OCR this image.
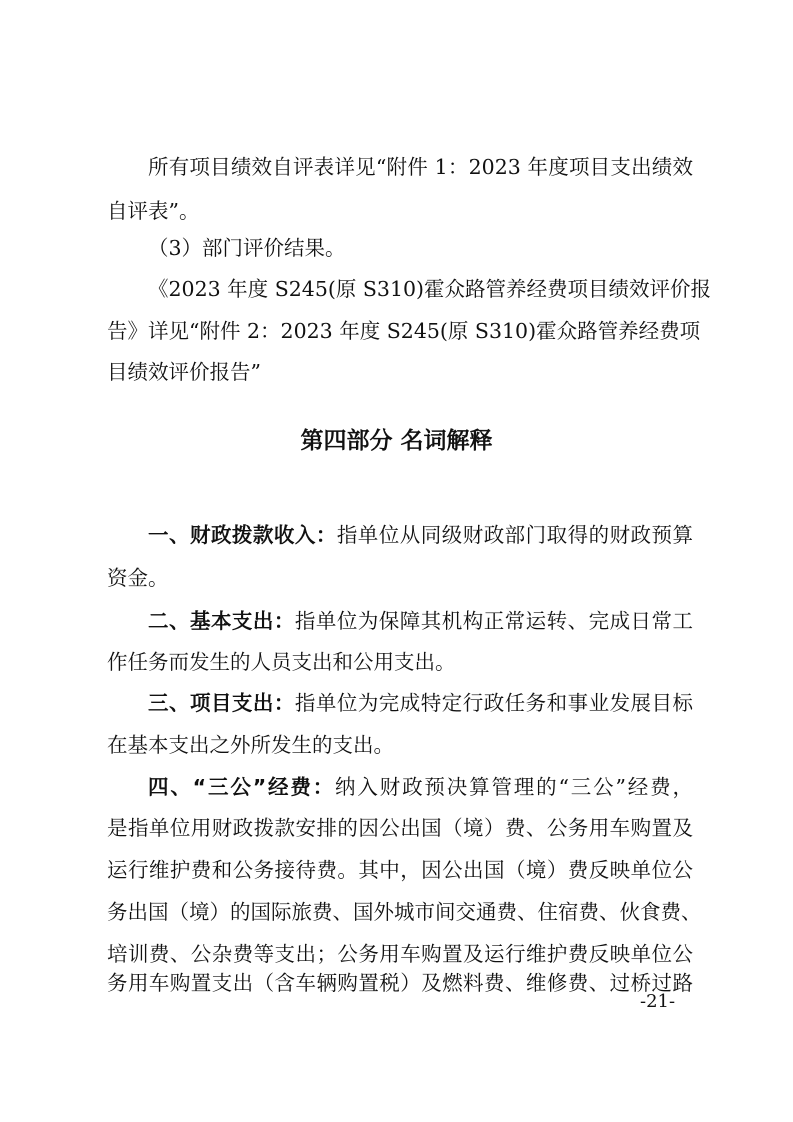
所有项目绩效自评表详见“附件 1：2023 年度项目支出绩效

自评表”。

（3）部门评价结果。

《2023 年度 S245(原 S310)霍众路管养经费项目绩效评价报

告》详见“附件 2：2023 年度 S245(原 S310)霍众路管养经费项

目绩效评价报告”

第四部分 名词解释

一、财政拨款收入：指单位从同级财政部门取得的财政预算

资金。

二、基本支出：指单位为保障其机构正常运转、完成日常工

作任务而发生的人员支出和公用支出。

三、项目支出：指单位为完成特定行政任务和事业发展目标

在基本支出之外所发生的支出。

四、“三公”经费：纳入财政预决算管理的“三公”经费，

是指单位用财政拨款安排的因公出国（境）费、公务用车购置及

运行维护费和公务接待费。其中，因公出国（境）费反映单位公

务出国（境）的国际旅费、国外城市间交通费、住宿费、伙食费、

培训费、公杂费等支出；公务用车购置及运行维护费反映单位公

务用车购置支出（含车辆购置税）及燃料费、维修费、过桥过路

-21-
